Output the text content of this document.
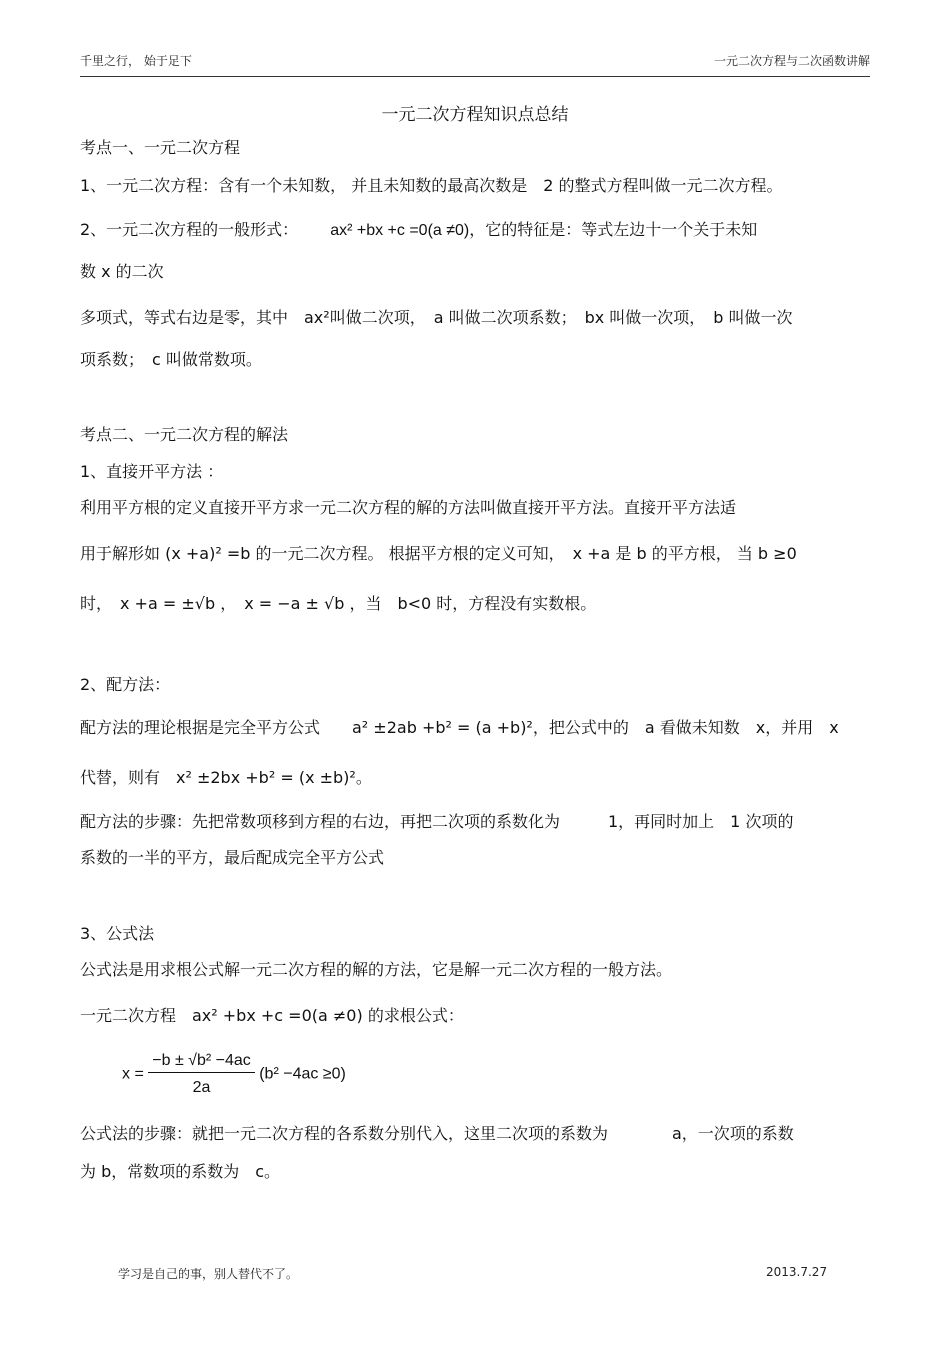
千里之行， 始于足下	一元二次方程与二次函数讲解
一元二次方程知识点总结
考点一、一元二次方程
1、一元二次方程：含有一个未知数， 并且未知数的最高次数是　2 的整式方程叫做一元二次方程。
2、一元二次方程的一般形式： ax² +bx +c =0(a ≠0)，它的特征是：等式左边十一个关于未知
数 x 的二次
多项式，等式右边是零，其中　ax²叫做二次项，　a 叫做二次项系数；　bx 叫做一次项，　b 叫做一次
项系数；　c 叫做常数项。
考点二、一元二次方程的解法
1、直接开平方法 ：
利用平方根的定义直接开平方求一元二次方程的解的方法叫做直接开平方法。直接开平方法适
用于解形如 (x +a)² =b 的一元二次方程。 根据平方根的定义可知，　x +a 是 b 的平方根， 当 b ≥0
时，　x +a = ±√b ，　x = −a ± √b ，当　b<0 时，方程没有实数根。
2、配方法：
配方法的理论根据是完全平方公式　　a² ±2ab +b² = (a +b)²，把公式中的　a 看做未知数　x，并用　x
代替，则有　x² ±2bx +b² = (x ±b)²。
配方法的步骤：先把常数项移到方程的右边，再把二次项的系数化为　　　1，再同时加上　1 次项的
系数的一半的平方，最后配成完全平方公式
3、公式法
公式法是用求根公式解一元二次方程的解的方法，它是解一元二次方程的一般方法。
一元二次方程　ax² +bx +c =0(a ≠0) 的求根公式：
$x = \frac{\text{−b ± √b² −4ac}}{2a} (b^2 -4ac \ge 0)$
公式法的步骤：就把一元二次方程的各系数分别代入，这里二次项的系数为　　　　a，一次项的系数
为 b，常数项的系数为　c。
学习是自己的事，别人替代不了。	2013.7.27
